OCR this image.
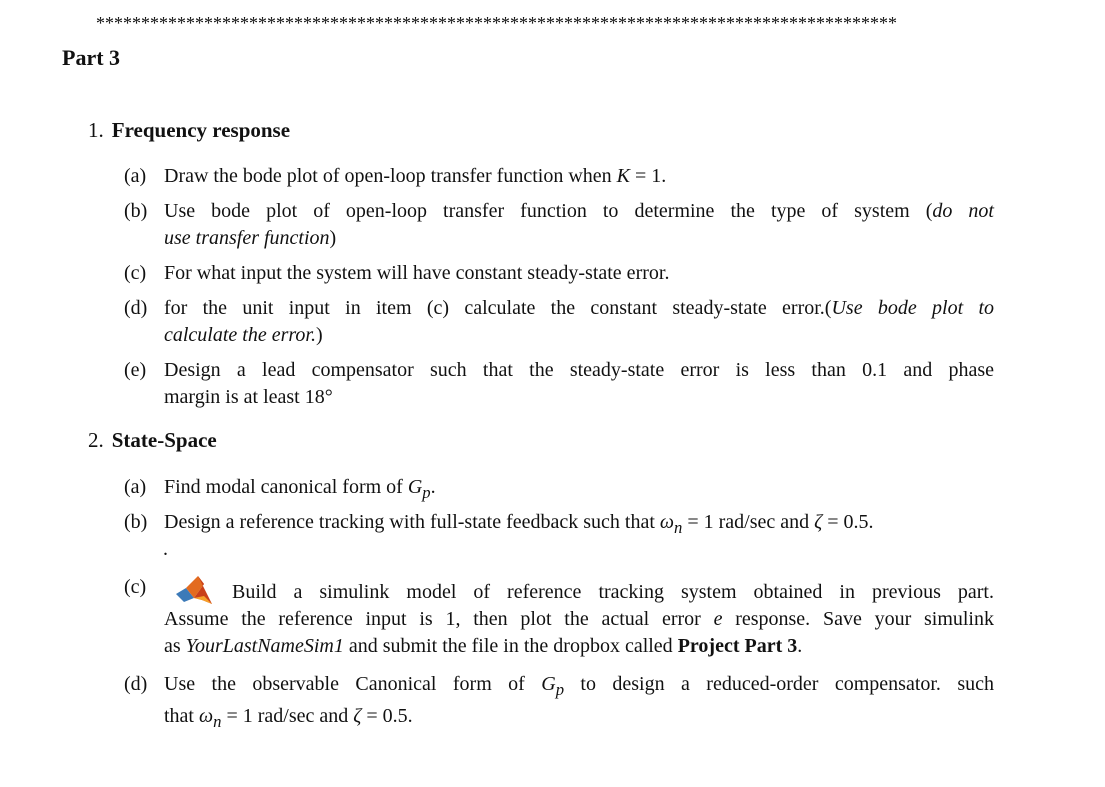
*****************************************************************************************
Part 3
1. Frequency response
(a) Draw the bode plot of open-loop transfer function when K = 1.
(b) Use bode plot of open-loop transfer function to determine the type of system (do not
use transfer function)
(c) For what input the system will have constant steady-state error.
(d) for the unit input in item (c) calculate the constant steady-state error.(Use bode plot to
calculate the error.)
(e) Design a lead compensator such that the steady-state error is less than 0.1 and phase
margin is at least 18°
2. State-Space
(a) Find modal canonical form of $G_p$.
(b) Design a reference tracking with full-state feedback such that $\omega_n = 1$ rad/sec and ζ = 0.5.
.
(c)	Build a simulink model of reference tracking system obtained in previous part.
Assume the reference input is 1, then plot the actual error e response. Save your simulink
as YourLastNameSim1 and submit the file in the dropbox called Project Part 3.
(d) Use the observable Canonical form of $G_p$ to design a reduced-order compensator. such
that $\omega_n = 1$ rad/sec and ζ = 0.5.
